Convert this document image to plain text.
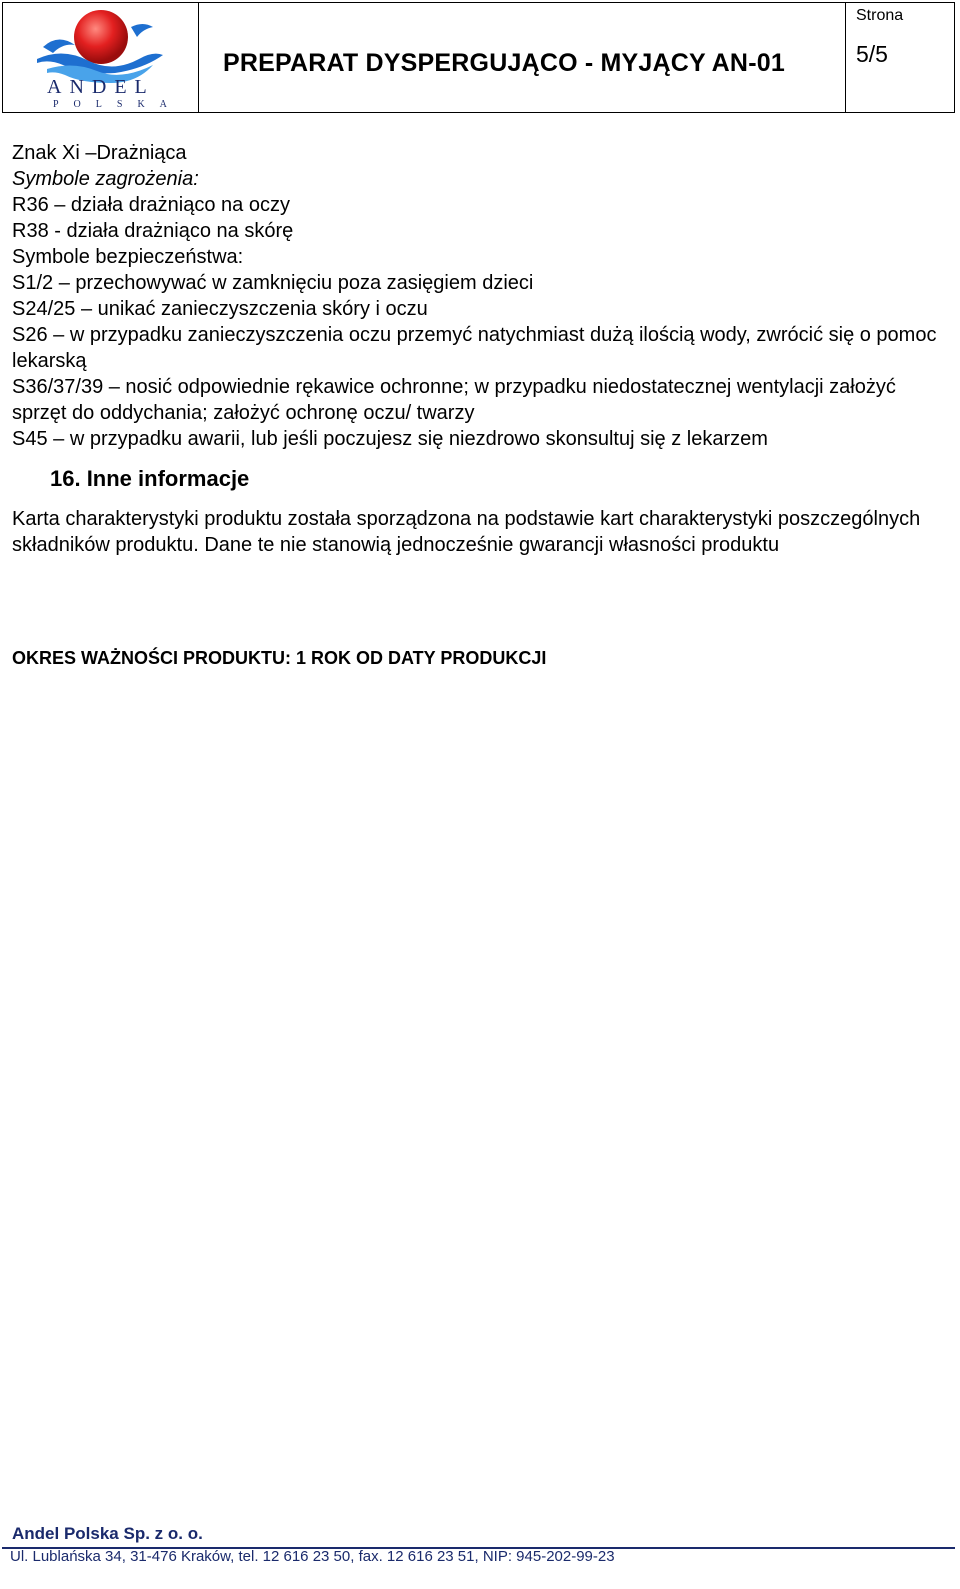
ANDEL
POLSKA
PREPARAT DYSPERGUJĄCO - MYJĄCY AN-01
Strona
5/5
Znak Xi –Drażniąca
Symbole zagrożenia:
R36 – działa drażniąco na oczy
R38 - działa drażniąco na skórę
Symbole bezpieczeństwa:
S1/2 – przechowywać w zamknięciu poza zasięgiem dzieci
S24/25 – unikać zanieczyszczenia skóry i oczu
S26 – w przypadku zanieczyszczenia oczu przemyć natychmiast dużą ilością wody, zwrócić się o pomoc lekarską
S36/37/39 – nosić odpowiednie rękawice ochronne; w przypadku niedostatecznej wentylacji założyć sprzęt do oddychania; założyć ochronę oczu/ twarzy
S45 – w przypadku awarii, lub jeśli poczujesz się niezdrowo skonsultuj się z lekarzem
16. Inne informacje
Karta charakterystyki produktu została sporządzona na podstawie kart charakterystyki poszczególnych składników produktu. Dane te nie stanowią jednocześnie gwarancji własności produktu
OKRES WAŻNOŚCI PRODUKTU: 1 ROK OD DATY PRODUKCJI
Andel Polska Sp. z o. o.
Ul. Lublańska 34, 31-476 Kraków, tel. 12 616 23 50, fax. 12 616 23 51, NIP: 945-202-99-23
